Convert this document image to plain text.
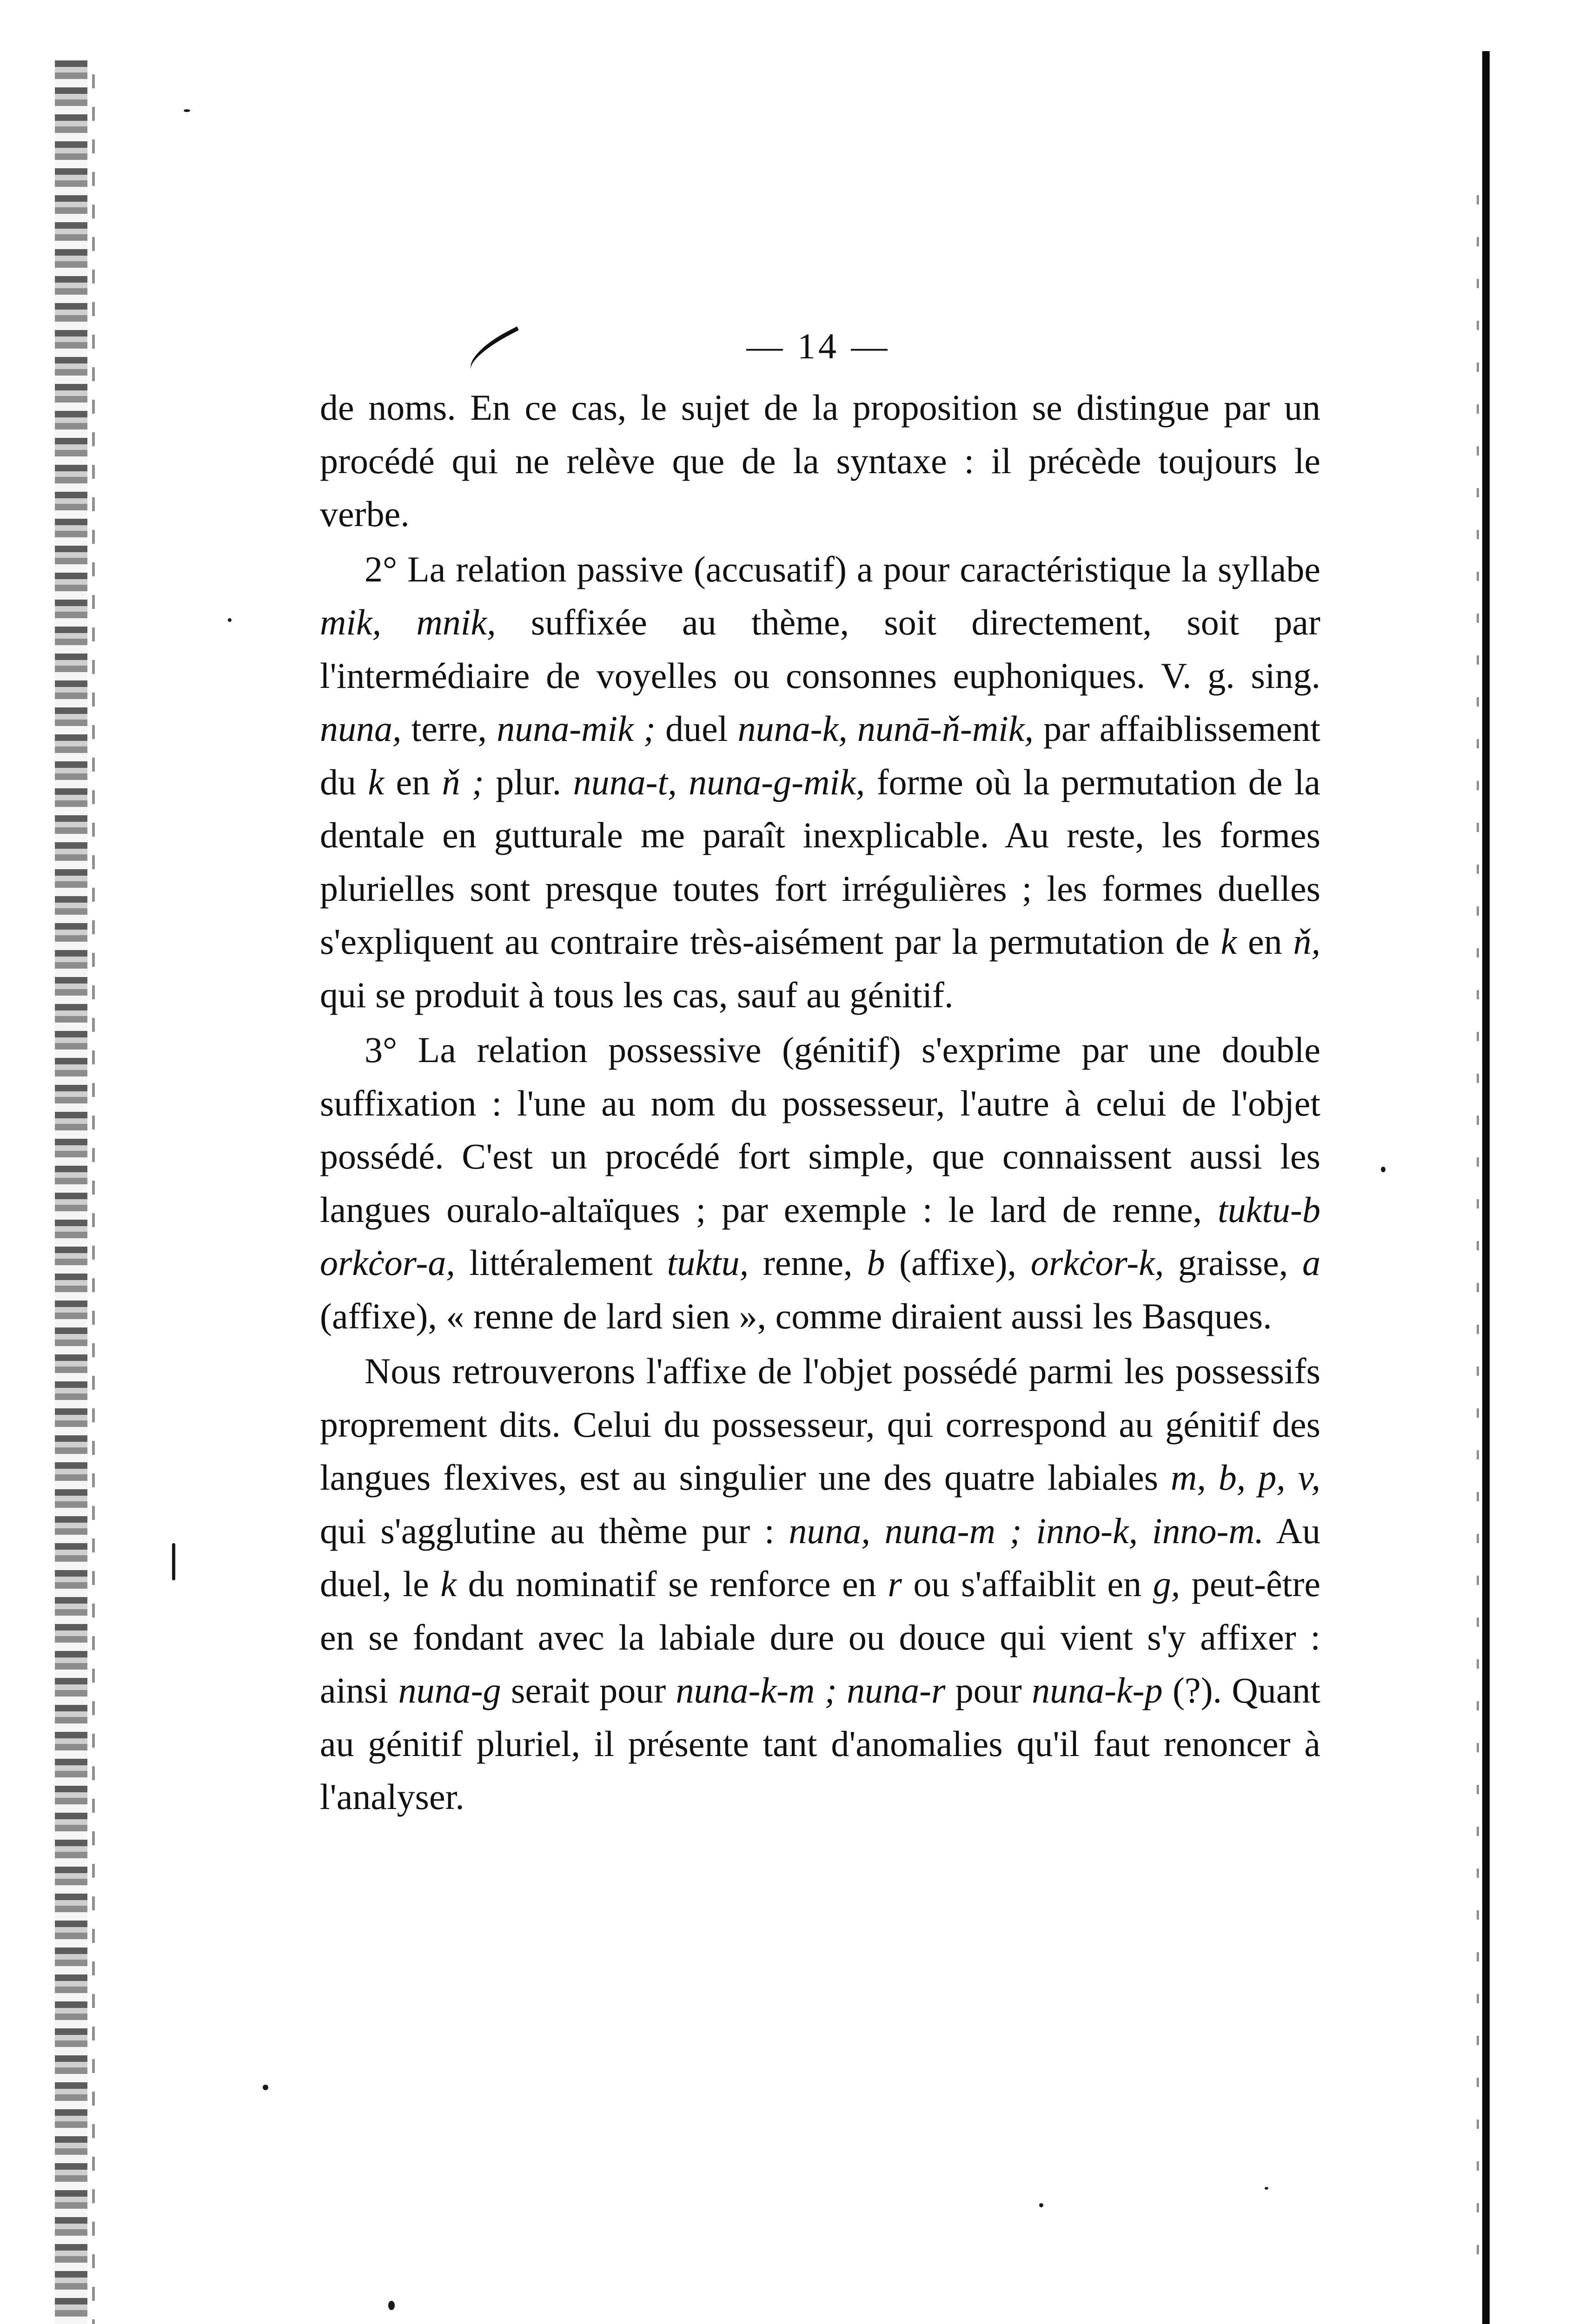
— 14 —

de noms. En ce cas, le sujet de la proposition se distingue par un procédé qui ne relève que de la syntaxe : il précède toujours le verbe.

2° La relation passive (accusatif) a pour caractéristique la syllabe mik, mnik, suffixée au thème, soit directement, soit par l'intermédiaire de voyelles ou consonnes euphoniques. V. g. sing. nuna, terre, nuna-mik ; duel nuna-k, nunā-ň-mik, par affaiblissement du k en ň ; plur. nuna-t, nuna-g-mik, forme où la permutation de la dentale en gutturale me paraît inexplicable. Au reste, les formes plurielles sont presque toutes fort irrégulières ; les formes duelles s'expliquent au contraire très-aisément par la permutation de k en ň, qui se produit à tous les cas, sauf au génitif.

3° La relation possessive (génitif) s'exprime par une double suffixation : l'une au nom du possesseur, l'autre à celui de l'objet possédé. C'est un procédé fort simple, que connaissent aussi les langues ouralo-altaïques ; par exemple : le lard de renne, tuktu-b orkċor-a, littéralement tuktu, renne, b (affixe), orkċor-k, graisse, a (affixe), « renne de lard sien », comme diraient aussi les Basques.

Nous retrouverons l'affixe de l'objet possédé parmi les possessifs proprement dits. Celui du possesseur, qui correspond au génitif des langues flexives, est au singulier une des quatre labiales m, b, p, v, qui s'agglutine au thème pur : nuna, nuna-m ; inno-k, inno-m. Au duel, le k du nominatif se renforce en r ou s'affaiblit en g, peut-être en se fondant avec la labiale dure ou douce qui vient s'y affixer : ainsi nuna-g serait pour nuna-k-m ; nuna-r pour nuna-k-p (?). Quant au génitif pluriel, il présente tant d'anomalies qu'il faut renoncer à l'analyser.
